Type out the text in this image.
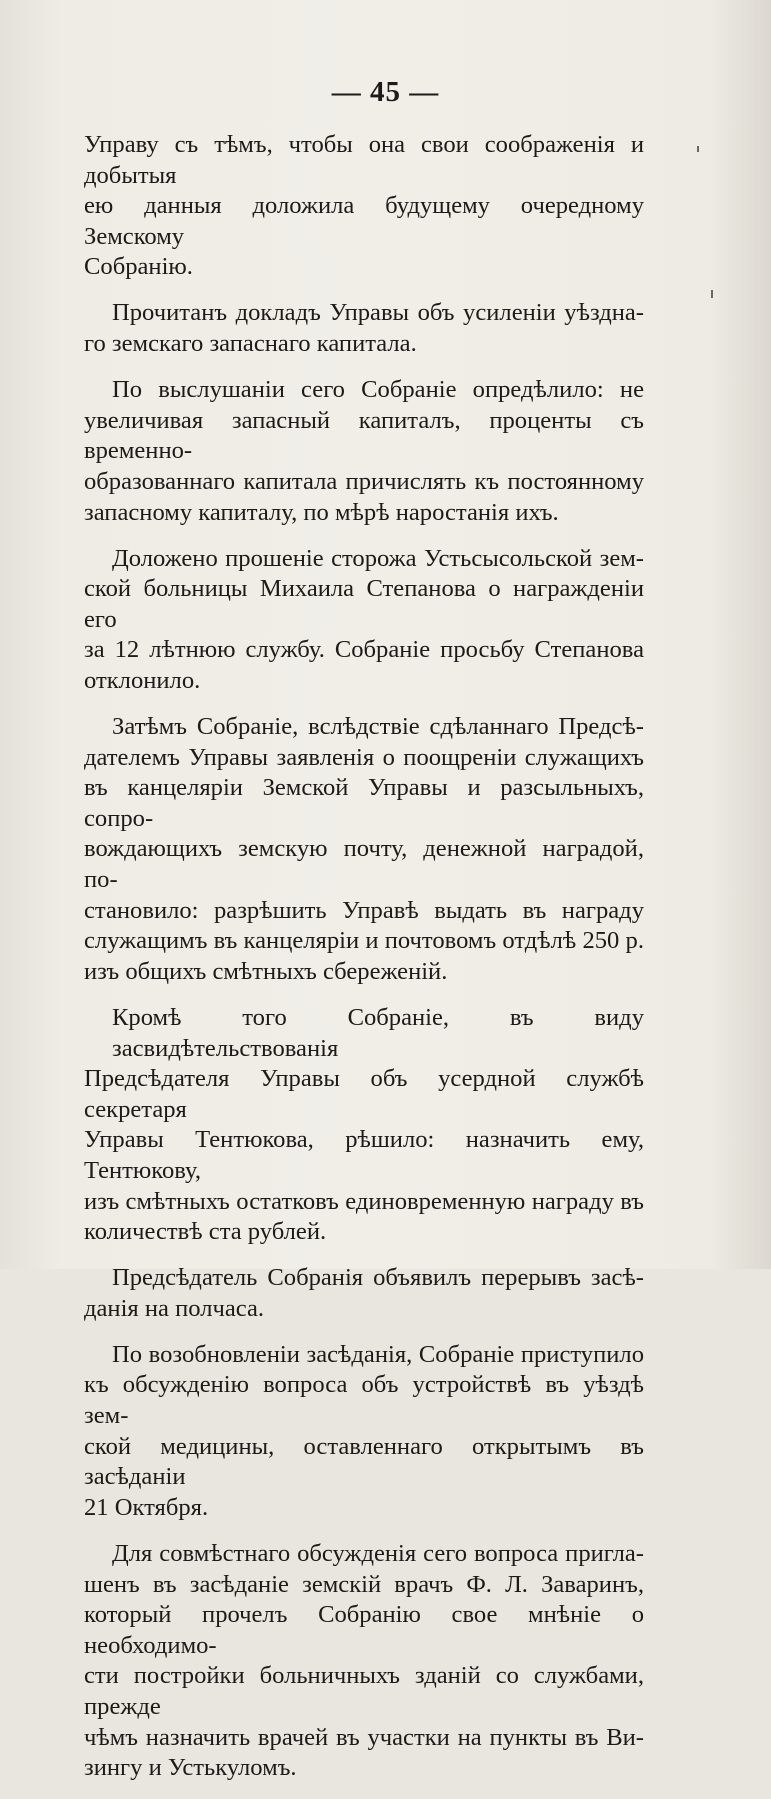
— 45 —

Управу съ тѣмъ, чтобы она свои соображенія и добытыя
ею данныя доложила будущему очередному Земскому
Собранію.

Прочитанъ докладъ Управы объ усиленіи уѣздна-
го земскаго запаснаго капитала.

По выслушаніи сего Собраніе опредѣлило: не
увеличивая запасный капиталъ, проценты съ временно-
образованнаго капитала причислять къ постоянному
запасному капиталу, по мѣрѣ наростанія ихъ.

Доложено прошеніе сторожа Устьсысольской зем-
ской больницы Михаила Степанова о награжденіи его
за 12 лѣтнюю службу. Собраніе просьбу Степанова
отклонило.

Затѣмъ Собраніе, вслѣдствіе сдѣланнаго Предсѣ-
дателемъ Управы заявленія о поощреніи служащихъ
въ канцеляріи Земской Управы и разсыльныхъ, сопро-
вождающихъ земскую почту, денежной наградой, по-
становило: разрѣшить Управѣ выдать въ награду
служащимъ въ канцеляріи и почтовомъ отдѣлѣ 250 р.
изъ общихъ смѣтныхъ сбереженій.

Кромѣ того Собраніе, въ виду засвидѣтельствованія
Предсѣдателя Управы объ усердной службѣ секретаря
Управы Тентюкова, рѣшило: назначить ему, Тентюкову,
изъ смѣтныхъ остатковъ единовременную награду въ
количествѣ ста рублей.

Предсѣдатель Собранія объявилъ перерывъ засѣ-
данія на полчаса.

По возобновленіи засѣданія, Собраніе приступило
къ обсужденію вопроса объ устройствѣ въ уѣздѣ зем-
ской медицины, оставленнаго открытымъ въ засѣданіи
21 Октября.

Для совмѣстнаго обсужденія сего вопроса пригла-
шенъ въ засѣданіе земскій врачъ Ф. Л. Заваринъ,
который прочелъ Собранію свое мнѣніе о необходимо-
сти постройки больничныхъ зданій со службами, прежде
чѣмъ назначить врачей въ участки на пункты въ Ви-
зингу и Устькуломъ.
